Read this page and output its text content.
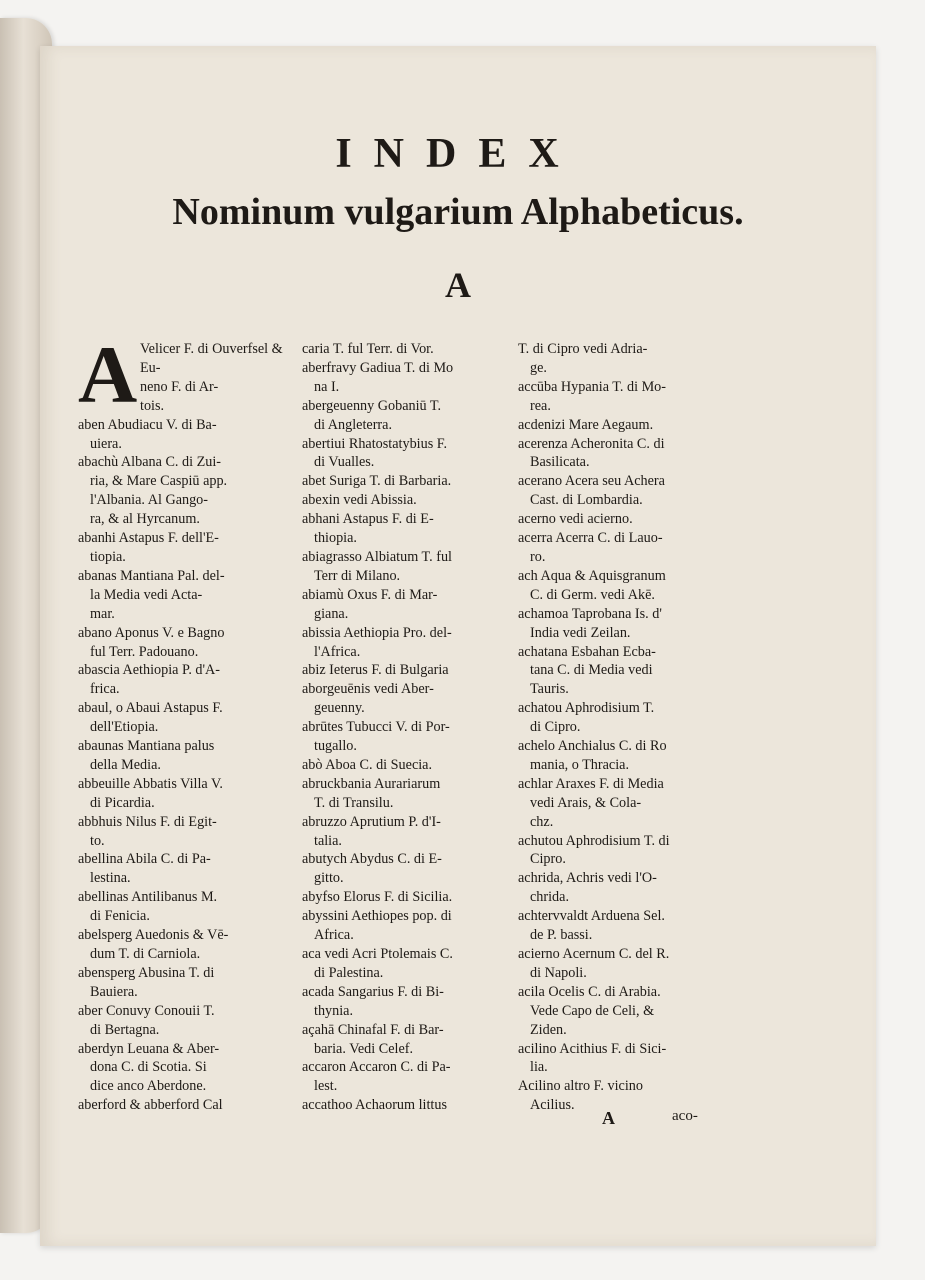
INDEX
Nominum vulgarium Alphabeticus.
A
A Velicer F. di Ouverfsel & Eu-

neno F. di Ar-
tois.
aben Abudiacu V. di Ba-

uiera.
abachù Albana C. di Zui-

ria, & Mare Caspiū app.
l'Albania. Al Gango-
ra, & al Hyrcanum.
abanhi Astapus F. dell'E-

tiopia.
abanas Mantiana Pal. del-

la Media vedi Acta-
mar.
abano Aponus V. e Bagno

ful Terr. Padouano.
abascia Aethiopia P. d'A-

frica.
abaul, o Abaui Astapus F.

dell'Etiopia.
abaunas Mantiana palus

della Media.
abbeuille Abbatis Villa V.

di Picardia.
abbhuis Nilus F. di Egit-

to.
abellina Abila C. di Pa-

lestina.
abellinas Antilibanus M.

di Fenicia.
abelsperg Auedonis & Vē-

dum T. di Carniola.
abensperg Abusina T. di

Bauiera.
aber Conuvy Conouii T.

di Bertagna.
aberdyn Leuana & Aber-

dona C. di Scotia. Si
dice anco Aberdone.
aberford & abberford Cal
caria T. ful Terr. di Vor.
aberfravy Gadiua T. di Mo

na I.
abergeuenny Gobaniū T.

di Angleterra.
abertiui Rhatostatybius F.

di Vualles.
abet Suriga T. di Barbaria.
abexin vedi Abissia.
abhani Astapus F. di E-

thiopia.
abiagrasso Albiatum T. ful

Terr di Milano.
abiamù Oxus F. di Mar-

giana.
abissia Aethiopia Pro. del-

l'Africa.
abiz Ieterus F. di Bulgaria
aborgeuēnis vedi Aber-

geuenny.
abrūtes Tubucci V. di Por-

tugallo.
abò Aboa C. di Suecia.
abruckbania Aurariarum

T. di Transilu.
abruzzo Aprutium P. d'I-

talia.
abutych Abydus C. di E-

gitto.
abyfso Elorus F. di Sicilia.
abyssini Aethiopes pop. di

Africa.
aca vedi Acri Ptolemais C.

di Palestina.
acada Sangarius F. di Bi-

thynia.
açahā Chinafal F. di Bar-

baria. Vedi Celef.
accaron Accaron C. di Pa-

lest.
accathoo Achaorum littus
T. di Cipro vedi Adria-

ge.
accūba Hypania T. di Mo-

rea.
acdenizi Mare Aegaum.
acerenza Acheronita C. di

Basilicata.
acerano Acera seu Achera

Cast. di Lombardia.
acerno vedi acierno.
acerra Acerra C. di Lauo-

ro.
ach Aqua & Aquisgranum

C. di Germ. vedi Akē.
achamoa Taprobana Is. d'

India vedi Zeilan.
achatana Esbahan Ecba-

tana C. di Media vedi
Tauris.
achatou Aphrodisium T.

di Cipro.
achelo Anchialus C. di Ro

mania, o Thracia.
achlar Araxes F. di Media

vedi Arais, & Cola-
chz.
achutou Aphrodisium T. di

Cipro.
achrida, Achris vedi l'O-

chrida.
achtervvaldt Arduena Sel.

de P. bassi.
acierno Acernum C. del R.

di Napoli.
acila Ocelis C. di Arabia.

Vede Capo de Celi, &
Ziden.
acilino Acithius F. di Sici-

lia.
Acilino altro F. vicino

Acilius.
A	aco-
